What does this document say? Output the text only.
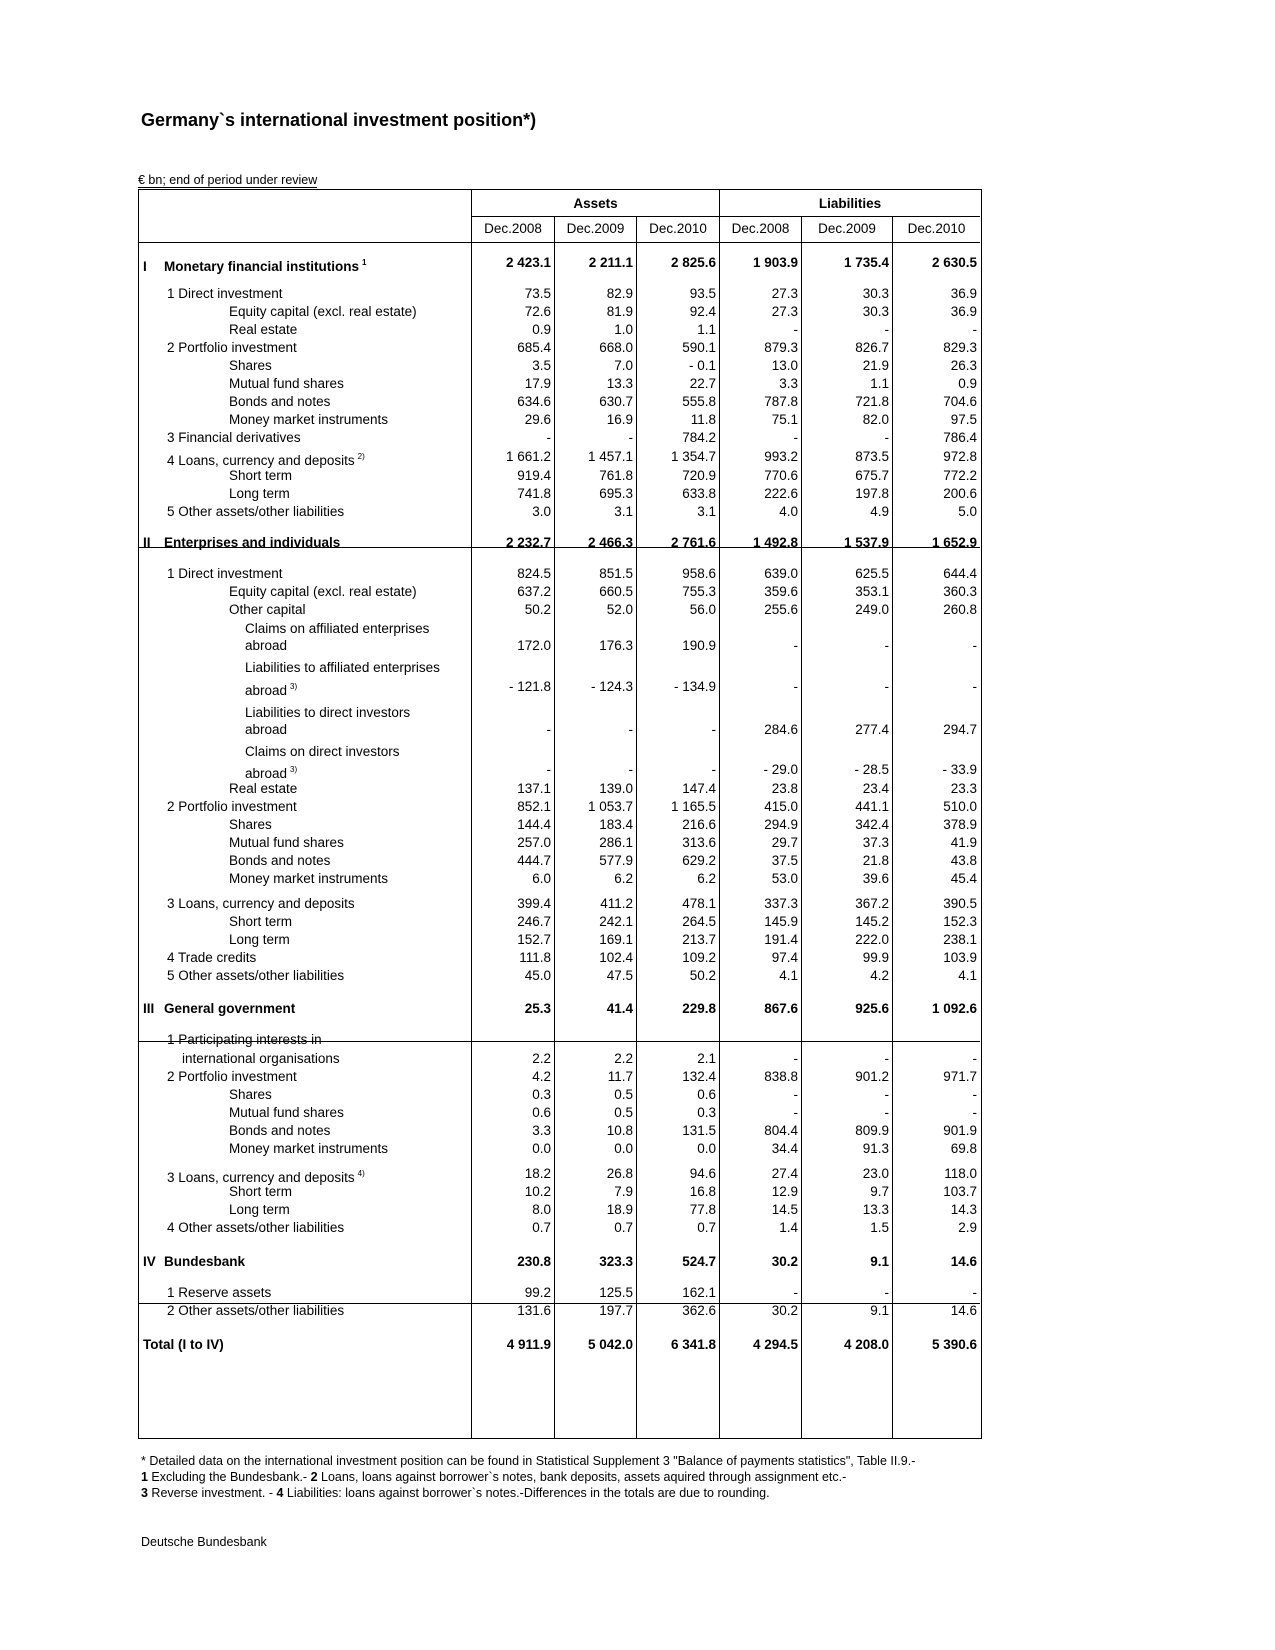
Germany`s international investment position*)
€ bn; end of period under review
Assets	Liabilities
Dec.2008	Dec.2009	Dec.2010	Dec.2008	Dec.2009	Dec.2010
I Monetary financial institutions $^1$	2 423.1	2 211.1	2 825.6	1 903.9	1 735.4	2 630.5
1 Direct investment	73.5	82.9	93.5	27.3	30.3	36.9
Equity capital (excl. real estate)	72.6	81.9	92.4	27.3	30.3	36.9
Real estate	0.9	1.0	1.1	-	-	-
2 Portfolio investment	685.4	668.0	590.1	879.3	826.7	829.3
Shares	3.5	7.0	- 0.1	13.0	21.9	26.3
Mutual fund shares	17.9	13.3	22.7	3.3	1.1	0.9
Bonds and notes	634.6	630.7	555.8	787.8	721.8	704.6
Money market instruments	29.6	16.9	11.8	75.1	82.0	97.5
3 Financial derivatives	-	-	784.2	-	-	786.4
4 Loans, currency and deposits $^{2)}$	1 661.2	1 457.1	1 354.7	993.2	873.5	972.8
Short term	919.4	761.8	720.9	770.6	675.7	772.2
Long term	741.8	695.3	633.8	222.6	197.8	200.6
5 Other assets/other liabilities	3.0	3.1	3.1	4.0	4.9	5.0
II Enterprises and individuals	2 232.7	2 466.3	2 761.6	1 492.8	1 537.9	1 652.9
1 Direct investment	824.5	851.5	958.6	639.0	625.5	644.4
Equity capital (excl. real estate)	637.2	660.5	755.3	359.6	353.1	360.3
Other capital	50.2	52.0	56.0	255.6	249.0	260.8
Claims on affiliated enterprises
abroad	172.0	176.3	190.9	-	-	-
Liabilities to affiliated enterprises
abroad $^{3)}$	- 121.8	- 124.3	- 134.9	-	-	-
Liabilities to direct investors
abroad	-	-	-	284.6	277.4	294.7
Claims on direct investors
abroad $^{3)}$	-	-	-	- 29.0	- 28.5	- 33.9
Real estate	137.1	139.0	147.4	23.8	23.4	23.3
2 Portfolio investment	852.1	1 053.7	1 165.5	415.0	441.1	510.0
Shares	144.4	183.4	216.6	294.9	342.4	378.9
Mutual fund shares	257.0	286.1	313.6	29.7	37.3	41.9
Bonds and notes	444.7	577.9	629.2	37.5	21.8	43.8
Money market instruments	6.0	6.2	6.2	53.0	39.6	45.4
3 Loans, currency and deposits	399.4	411.2	478.1	337.3	367.2	390.5
Short term	246.7	242.1	264.5	145.9	145.2	152.3
Long term	152.7	169.1	213.7	191.4	222.0	238.1
4 Trade credits	111.8	102.4	109.2	97.4	99.9	103.9
5 Other assets/other liabilities	45.0	47.5	50.2	4.1	4.2	4.1
III General government	25.3	41.4	229.8	867.6	925.6	1 092.6
1 Participating interests in
international organisations	2.2	2.2	2.1	-	-	-
2 Portfolio investment	4.2	11.7	132.4	838.8	901.2	971.7
Shares	0.3	0.5	0.6	-	-	-
Mutual fund shares	0.6	0.5	0.3	-	-	-
Bonds and notes	3.3	10.8	131.5	804.4	809.9	901.9
Money market instruments	0.0	0.0	0.0	34.4	91.3	69.8
3 Loans, currency and deposits $^{4)}$	18.2	26.8	94.6	27.4	23.0	118.0
Short term	10.2	7.9	16.8	12.9	9.7	103.7
Long term	8.0	18.9	77.8	14.5	13.3	14.3
4 Other assets/other liabilities	0.7	0.7	0.7	1.4	1.5	2.9
IV Bundesbank	230.8	323.3	524.7	30.2	9.1	14.6
1 Reserve assets	99.2	125.5	162.1	-	-	-
2 Other assets/other liabilities	131.6	197.7	362.6	30.2	9.1	14.6
Total (I to IV)	4 911.9	5 042.0	6 341.8	4 294.5	4 208.0	5 390.6
* Detailed data on the international investment position can be found in Statistical Supplement 3 "Balance of payments statistics", Table II.9.-
1 Excluding the Bundesbank.- 2 Loans, loans against borrower`s notes, bank deposits, assets aquired through assignment etc.-
3 Reverse investment. - 4 Liabilities: loans against borrower`s notes.-Differences in the totals are due to rounding.
Deutsche Bundesbank
